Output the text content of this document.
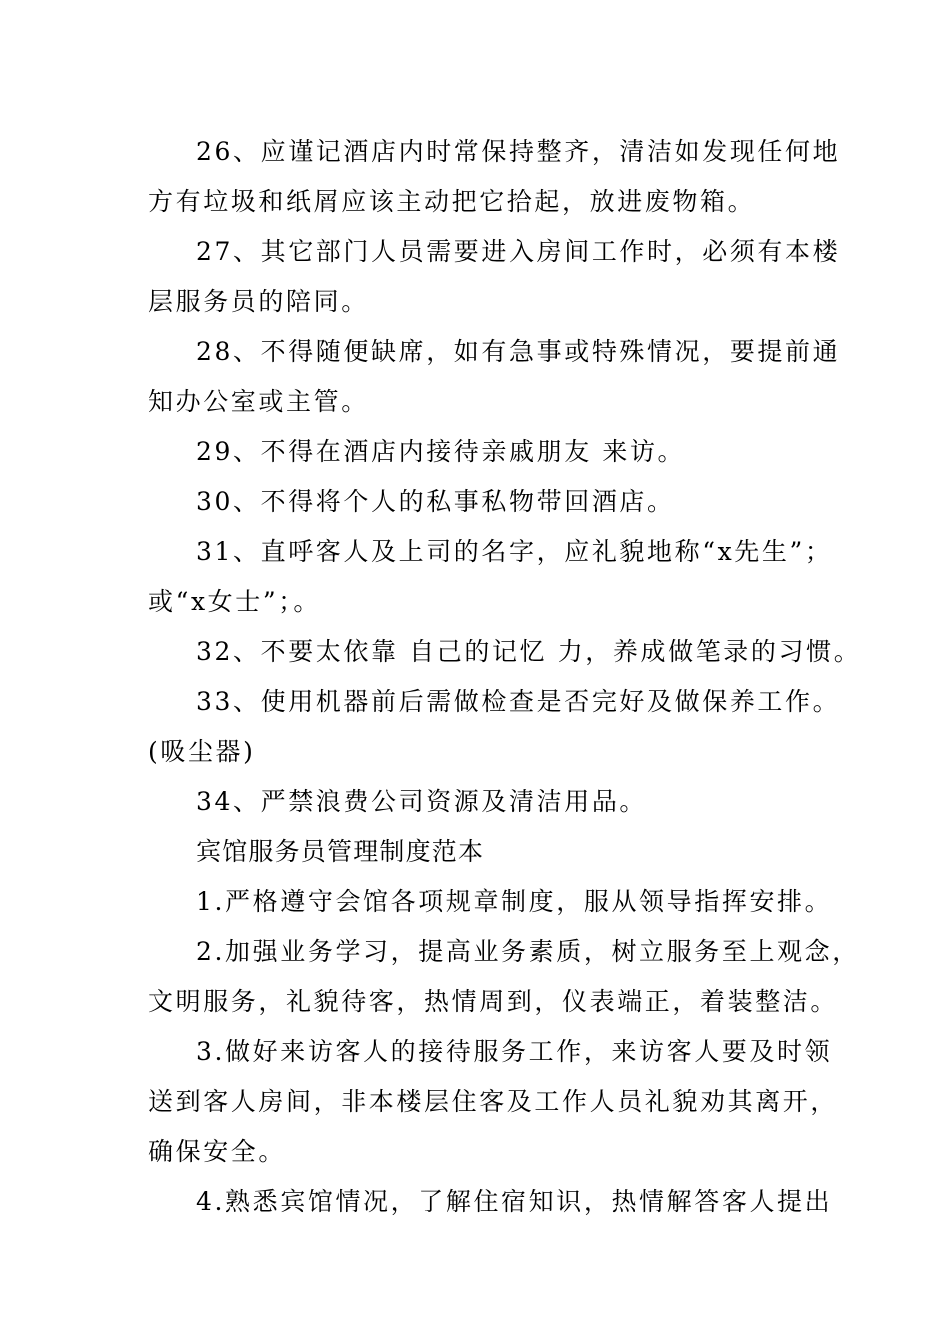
26、应谨记酒店内时常保持整齐，清洁如发现任何地
方有垃圾和纸屑应该主动把它拾起，放进废物箱。
27、其它部门人员需要进入房间工作时，必须有本楼
层服务员的陪同。
28、不得随便缺席，如有急事或特殊情况，要提前通
知办公室或主管。
29、不得在酒店内接待亲戚朋友 来访。
30、不得将个人的私事私物带回酒店。
31、直呼客人及上司的名字，应礼貌地称“x先生”；
或“x女士”；。
32、不要太依靠 自己的记忆 力，养成做笔录的习惯。
33、使用机器前后需做检查是否完好及做保养工作。
(吸尘器)
34、严禁浪费公司资源及清洁用品。
宾馆服务员管理制度范本
1.严格遵守会馆各项规章制度，服从领导指挥安排。
2.加强业务学习，提高业务素质，树立服务至上观念，
文明服务，礼貌待客，热情周到，仪表端正，着装整洁。
3.做好来访客人的接待服务工作，来访客人要及时领
送到客人房间，非本楼层住客及工作人员礼貌劝其离开，
确保安全。
4.熟悉宾馆情况，了解住宿知识，热情解答客人提出
